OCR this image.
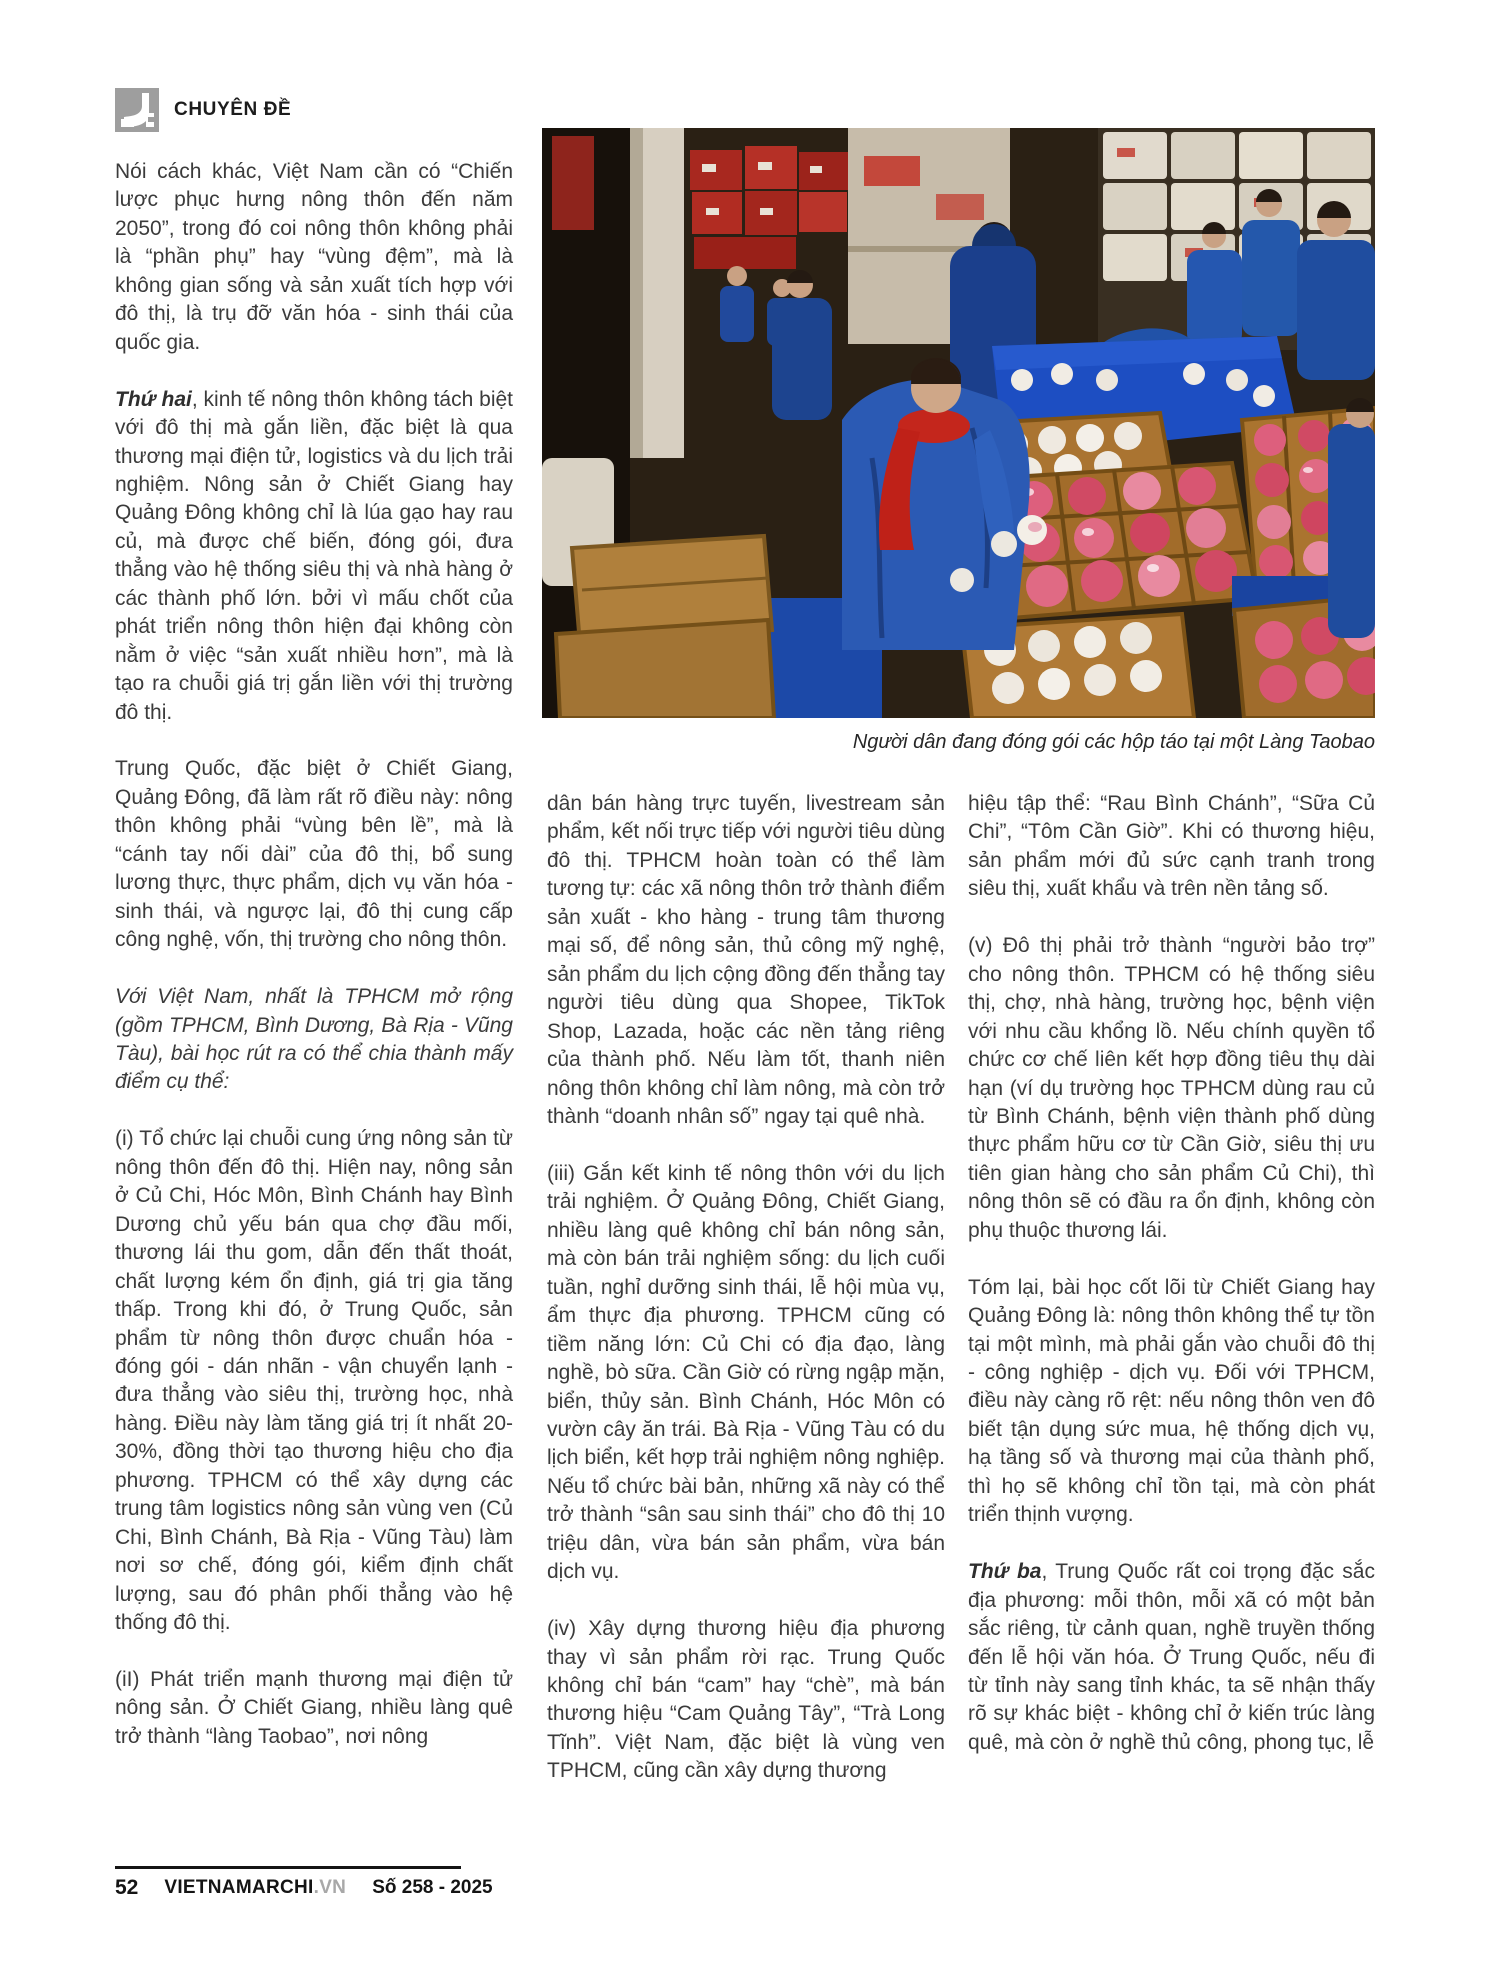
CHUYÊN ĐỀ
Người dân đang đóng gói các hộp táo tại một Làng Taobao

Nói cách khác, Việt Nam cần có “Chiến lược phục hưng nông thôn đến năm 2050”, trong đó coi nông thôn không phải là “phần phụ” hay “vùng đệm”, mà là không gian sống và sản xuất tích hợp với đô thị, là trụ đỡ văn hóa - sinh thái của quốc gia.

Thứ hai, kinh tế nông thôn không tách biệt với đô thị mà gắn liền, đặc biệt là qua thương mại điện tử, logistics và du lịch trải nghiệm. Nông sản ở Chiết Giang hay Quảng Đông không chỉ là lúa gạo hay rau củ, mà được chế biến, đóng gói, đưa thẳng vào hệ thống siêu thị và nhà hàng ở các thành phố lớn. bởi vì mấu chốt của phát triển nông thôn hiện đại không còn nằm ở việc “sản xuất nhiều hơn”, mà là tạo ra chuỗi giá trị gắn liền với thị trường đô thị.

Trung Quốc, đặc biệt ở Chiết Giang, Quảng Đông, đã làm rất rõ điều này: nông thôn không phải “vùng bên lề”, mà là “cánh tay nối dài” của đô thị, bổ sung lương thực, thực phẩm, dịch vụ văn hóa - sinh thái, và ngược lại, đô thị cung cấp công nghệ, vốn, thị trường cho nông thôn.

Với Việt Nam, nhất là TPHCM mở rộng (gồm TPHCM, Bình Dương, Bà Rịa - Vũng Tàu), bài học rút ra có thể chia thành mấy điểm cụ thể:

(i) Tổ chức lại chuỗi cung ứng nông sản từ nông thôn đến đô thị. Hiện nay, nông sản ở Củ Chi, Hóc Môn, Bình Chánh hay Bình Dương chủ yếu bán qua chợ đầu mối, thương lái thu gom, dẫn đến thất thoát, chất lượng kém ổn định, giá trị gia tăng thấp. Trong khi đó, ở Trung Quốc, sản phẩm từ nông thôn được chuẩn hóa - đóng gói - dán nhãn - vận chuyển lạnh - đưa thẳng vào siêu thị, trường học, nhà hàng. Điều này làm tăng giá trị ít nhất 20-30%, đồng thời tạo thương hiệu cho địa phương. TPHCM có thể xây dựng các trung tâm logistics nông sản vùng ven (Củ Chi, Bình Chánh, Bà Rịa - Vũng Tàu) làm nơi sơ chế, đóng gói, kiểm định chất lượng, sau đó phân phối thẳng vào hệ thống đô thị.

(iI) Phát triển mạnh thương mại điện tử nông sản. Ở Chiết Giang, nhiều làng quê trở thành “làng Taobao”, nơi nông

dân bán hàng trực tuyến, livestream sản phẩm, kết nối trực tiếp với người tiêu dùng đô thị. TPHCM hoàn toàn có thể làm tương tự: các xã nông thôn trở thành điểm sản xuất - kho hàng - trung tâm thương mại số, để nông sản, thủ công mỹ nghệ, sản phẩm du lịch cộng đồng đến thẳng tay người tiêu dùng qua Shopee, TikTok Shop, Lazada, hoặc các nền tảng riêng của thành phố. Nếu làm tốt, thanh niên nông thôn không chỉ làm nông, mà còn trở thành “doanh nhân số” ngay tại quê nhà.

(iii) Gắn kết kinh tế nông thôn với du lịch trải nghiệm. Ở Quảng Đông, Chiết Giang, nhiều làng quê không chỉ bán nông sản, mà còn bán trải nghiệm sống: du lịch cuối tuần, nghỉ dưỡng sinh thái, lễ hội mùa vụ, ẩm thực địa phương. TPHCM cũng có tiềm năng lớn: Củ Chi có địa đạo, làng nghề, bò sữa. Cần Giờ có rừng ngập mặn, biển, thủy sản. Bình Chánh, Hóc Môn có vườn cây ăn trái. Bà Rịa - Vũng Tàu có du lịch biển, kết hợp trải nghiệm nông nghiệp. Nếu tổ chức bài bản, những xã này có thể trở thành “sân sau sinh thái” cho đô thị 10 triệu dân, vừa bán sản phẩm, vừa bán dịch vụ.

(iv) Xây dựng thương hiệu địa phương thay vì sản phẩm rời rạc. Trung Quốc không chỉ bán “cam” hay “chè”, mà bán thương hiệu “Cam Quảng Tây”, “Trà Long Tĩnh”. Việt Nam, đặc biệt là vùng ven TPHCM, cũng cần xây dựng thương

hiệu tập thể: “Rau Bình Chánh”, “Sữa Củ Chi”, “Tôm Cần Giờ”. Khi có thương hiệu, sản phẩm mới đủ sức cạnh tranh trong siêu thị, xuất khẩu và trên nền tảng số.

(v) Đô thị phải trở thành “người bảo trợ” cho nông thôn. TPHCM có hệ thống siêu thị, chợ, nhà hàng, trường học, bệnh viện với nhu cầu khổng lồ. Nếu chính quyền tổ chức cơ chế liên kết hợp đồng tiêu thụ dài hạn (ví dụ trường học TPHCM dùng rau củ từ Bình Chánh, bệnh viện thành phố dùng thực phẩm hữu cơ từ Cần Giờ, siêu thị ưu tiên gian hàng cho sản phẩm Củ Chi), thì nông thôn sẽ có đầu ra ổn định, không còn phụ thuộc thương lái.

Tóm lại, bài học cốt lõi từ Chiết Giang hay Quảng Đông là: nông thôn không thể tự tồn tại một mình, mà phải gắn vào chuỗi đô thị - công nghiệp - dịch vụ. Đối với TPHCM, điều này càng rõ rệt: nếu nông thôn ven đô biết tận dụng sức mua, hệ thống dịch vụ, hạ tầng số và thương mại của thành phố, thì họ sẽ không chỉ tồn tại, mà còn phát triển thịnh vượng.

Thứ ba, Trung Quốc rất coi trọng đặc sắc địa phương: mỗi thôn, mỗi xã có một bản sắc riêng, từ cảnh quan, nghề truyền thống đến lễ hội văn hóa. Ở Trung Quốc, nếu đi từ tỉnh này sang tỉnh khác, ta sẽ nhận thấy rõ sự khác biệt - không chỉ ở kiến trúc làng quê, mà còn ở nghề thủ công, phong tục, lễ

52 VIETNAMARCHI.VN Số 258 - 2025
